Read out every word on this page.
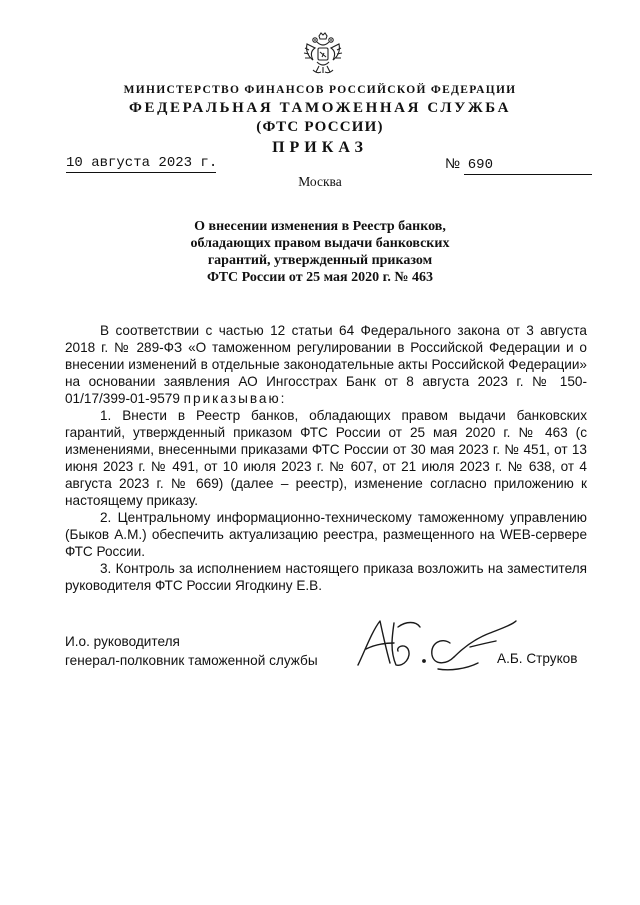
МИНИСТЕРСТВО ФИНАНСОВ РОССИЙСКОЙ ФЕДЕРАЦИИ
ФЕДЕРАЛЬНАЯ ТАМОЖЕННАЯ СЛУЖБА
(ФТС РОССИИ)
ПРИКАЗ
10 августа 2023 г.	№ 690
Москва
О внесении изменения в Реестр банков,
обладающих правом выдачи банковских
гарантий, утвержденный приказом
ФТС России от 25 мая 2020 г. № 463

В соответствии с частью 12 статьи 64 Федерального закона от 3 августа 2018 г. № 289-ФЗ «О таможенном регулировании в Российской Федерации и о внесении изменений в отдельные законодательные акты Российской Федерации» на основании заявления АО Ингосстрах Банк от 8 августа 2023 г. № 150-01/17/399-01-9579 приказываю:

1. Внести в Реестр банков, обладающих правом выдачи банковских гарантий, утвержденный приказом ФТС России от 25 мая 2020 г. № 463 (с изменениями, внесенными приказами ФТС России от 30 мая 2023 г. № 451, от 13 июня 2023 г. № 491, от 10 июля 2023 г. № 607, от 21 июля 2023 г. № 638, от 4 августа 2023 г. № 669) (далее – реестр), изменение согласно приложению к настоящему приказу.

2. Центральному информационно-техническому таможенному управлению (Быков А.М.) обеспечить актуализацию реестра, размещенного на WEB-сервере ФТС России.

3. Контроль за исполнением настоящего приказа возложить на заместителя руководителя ФТС России Ягодкину Е.В.

И.о. руководителя
генерал-полковник таможенной службы	А.Б. Струков
